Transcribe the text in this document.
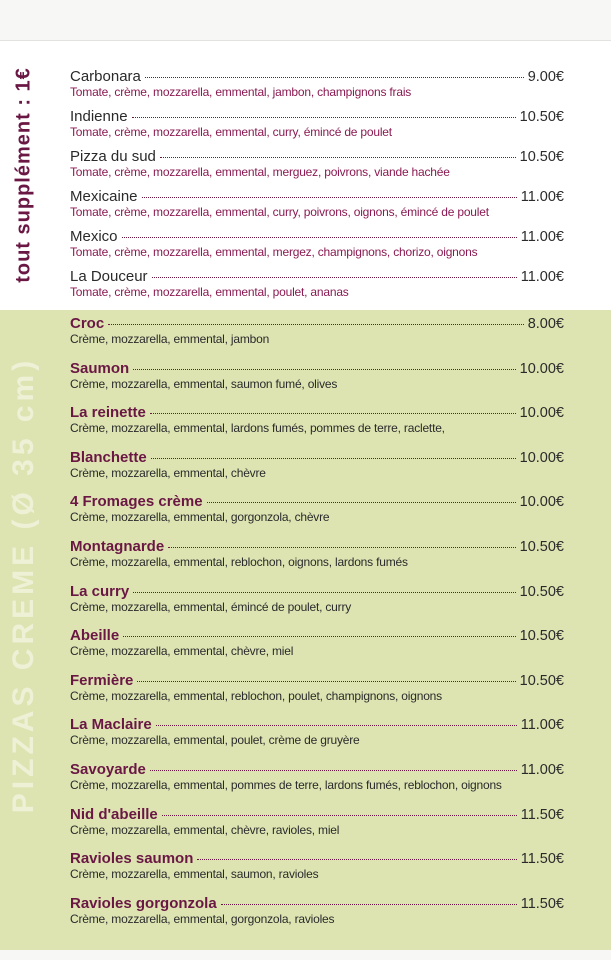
tout supplément : 1€
PIZZAS CREME (Ø 35 cm)
Carbonara	9.00€
Tomate, crème, mozzarella, emmental, jambon, champignons frais
Indienne	10.50€
Tomate, crème, mozzarella, emmental, curry, émincé de poulet
Pizza du sud	10.50€
Tomate, crème, mozzarella, emmental, merguez, poivrons, viande hachée
Mexicaine	11.00€
Tomate, crème, mozzarella, emmental, curry, poivrons, oignons, émincé de poulet
Mexico	11.00€
Tomate, crème, mozzarella, emmental, mergez, champignons, chorizo, oignons
La Douceur	11.00€
Tomate, crème, mozzarella, emmental, poulet, ananas
Croc	8.00€
Crème, mozzarella, emmental, jambon
Saumon	10.00€
Crème, mozzarella, emmental, saumon fumé, olives
La reinette	10.00€
Crème, mozzarella, emmental, lardons fumés, pommes de terre, raclette,
Blanchette	10.00€
Crème, mozzarella, emmental, chèvre
4 Fromages crème	10.00€
Crème, mozzarella, emmental, gorgonzola, chèvre
Montagnarde	10.50€
Crème, mozzarella, emmental, reblochon, oignons, lardons fumés
La curry	10.50€
Crème, mozzarella, emmental, émincé de poulet, curry
Abeille	10.50€
Crème, mozzarella, emmental, chèvre, miel
Fermière	10.50€
Crème, mozzarella, emmental, reblochon, poulet, champignons, oignons
La Maclaire	11.00€
Crème, mozzarella, emmental, poulet, crème de gruyère
Savoyarde	11.00€
Crème, mozzarella, emmental, pommes de terre, lardons fumés, reblochon, oignons
Nid d'abeille	11.50€
Crème, mozzarella, emmental, chèvre, ravioles, miel
Ravioles saumon	11.50€
Crème, mozzarella, emmental, saumon, ravioles
Ravioles gorgonzola	11.50€
Crème, mozzarella, emmental, gorgonzola, ravioles
